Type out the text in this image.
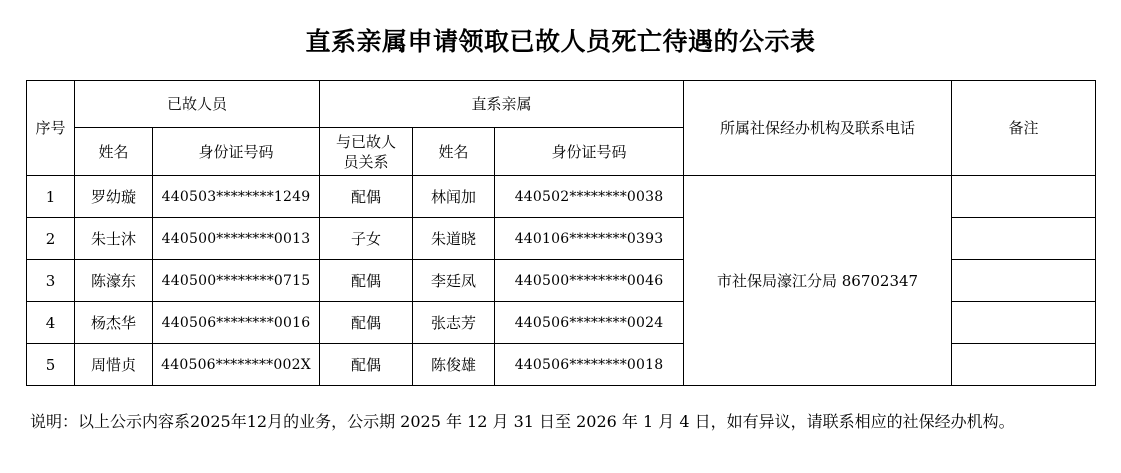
直系亲属申请领取已故人员死亡待遇的公示表
序号	已故人员		直系亲属			所属社保经办机构及联系电话	备注
	姓名	身份证号码	与已故人员关系	姓名	身份证号码		
1	罗幼璇	440503********1249	配偶	林闻加	440502********0038	市社保局濠江分局 86702347	
2	朱士沐	440500********0013	子女	朱道晓	440106********0393		
3	陈濠东	440500********0715	配偶	李廷凤	440500********0046		
4	杨杰华	440506********0016	配偶	张志芳	440506********0024		
5	周惜贞	440506********002X	配偶	陈俊雄	440506********0018		
说明：以上公示内容系2025年12月的业务，公示期 2025 年 12 月 31 日至 2026 年 1 月 4 日，如有异议，请联系相应的社保经办机构。
